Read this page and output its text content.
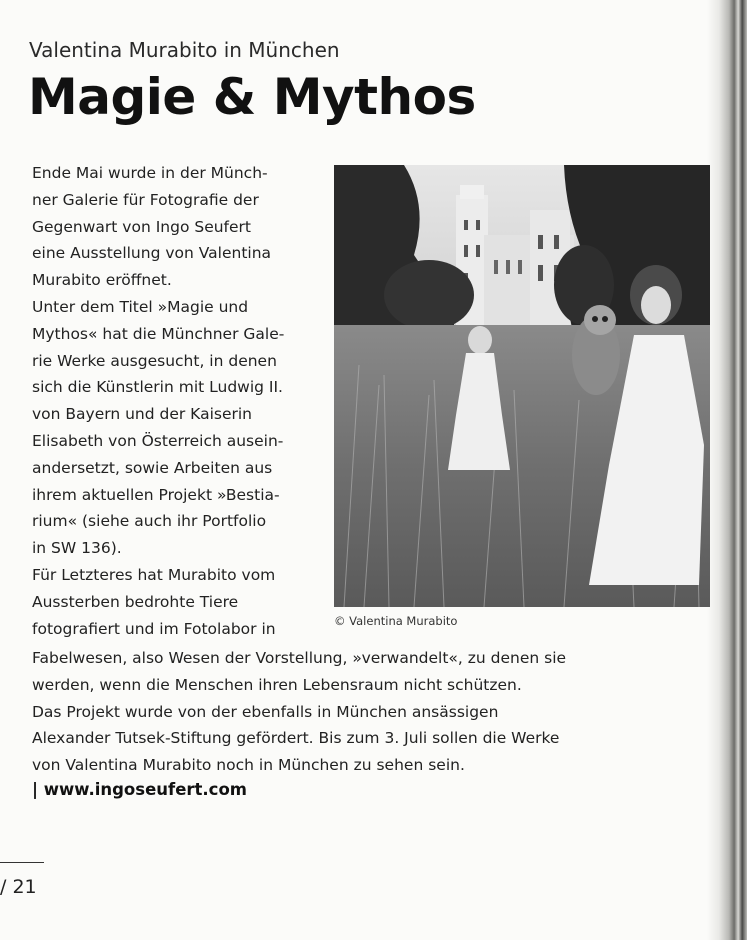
Valentina Murabito in München
Magie & Mythos

Ende Mai wurde in der Münch-

ner Galerie für Fotografie der

Gegenwart von Ingo Seufert

eine Ausstellung von Valentina

Murabito eröffnet.

Unter dem Titel »Magie und

Mythos« hat die Münchner Gale-

rie Werke ausgesucht, in denen

sich die Künstlerin mit Ludwig II.

von Bayern und der Kaiserin

Elisabeth von Österreich ausein-

andersetzt, sowie Arbeiten aus

ihrem aktuellen Projekt »Bestia-

rium« (siehe auch ihr Portfolio

in SW 136).

Für Letzteres hat Murabito vom

Aussterben bedrohte Tiere

fotografiert und im Fotolabor in	© Valentina Murabito

Fabelwesen, also Wesen der Vorstellung, »verwandelt«, zu denen sie

werden, wenn die Menschen ihren Lebensraum nicht schützen.

Das Projekt wurde von der ebenfalls in München ansässigen

Alexander Tutsek-Stiftung gefördert. Bis zum 3. Juli sollen die Werke

von Valentina Murabito noch in München zu sehen sein.

| www.ingoseufert.com
/ 21
